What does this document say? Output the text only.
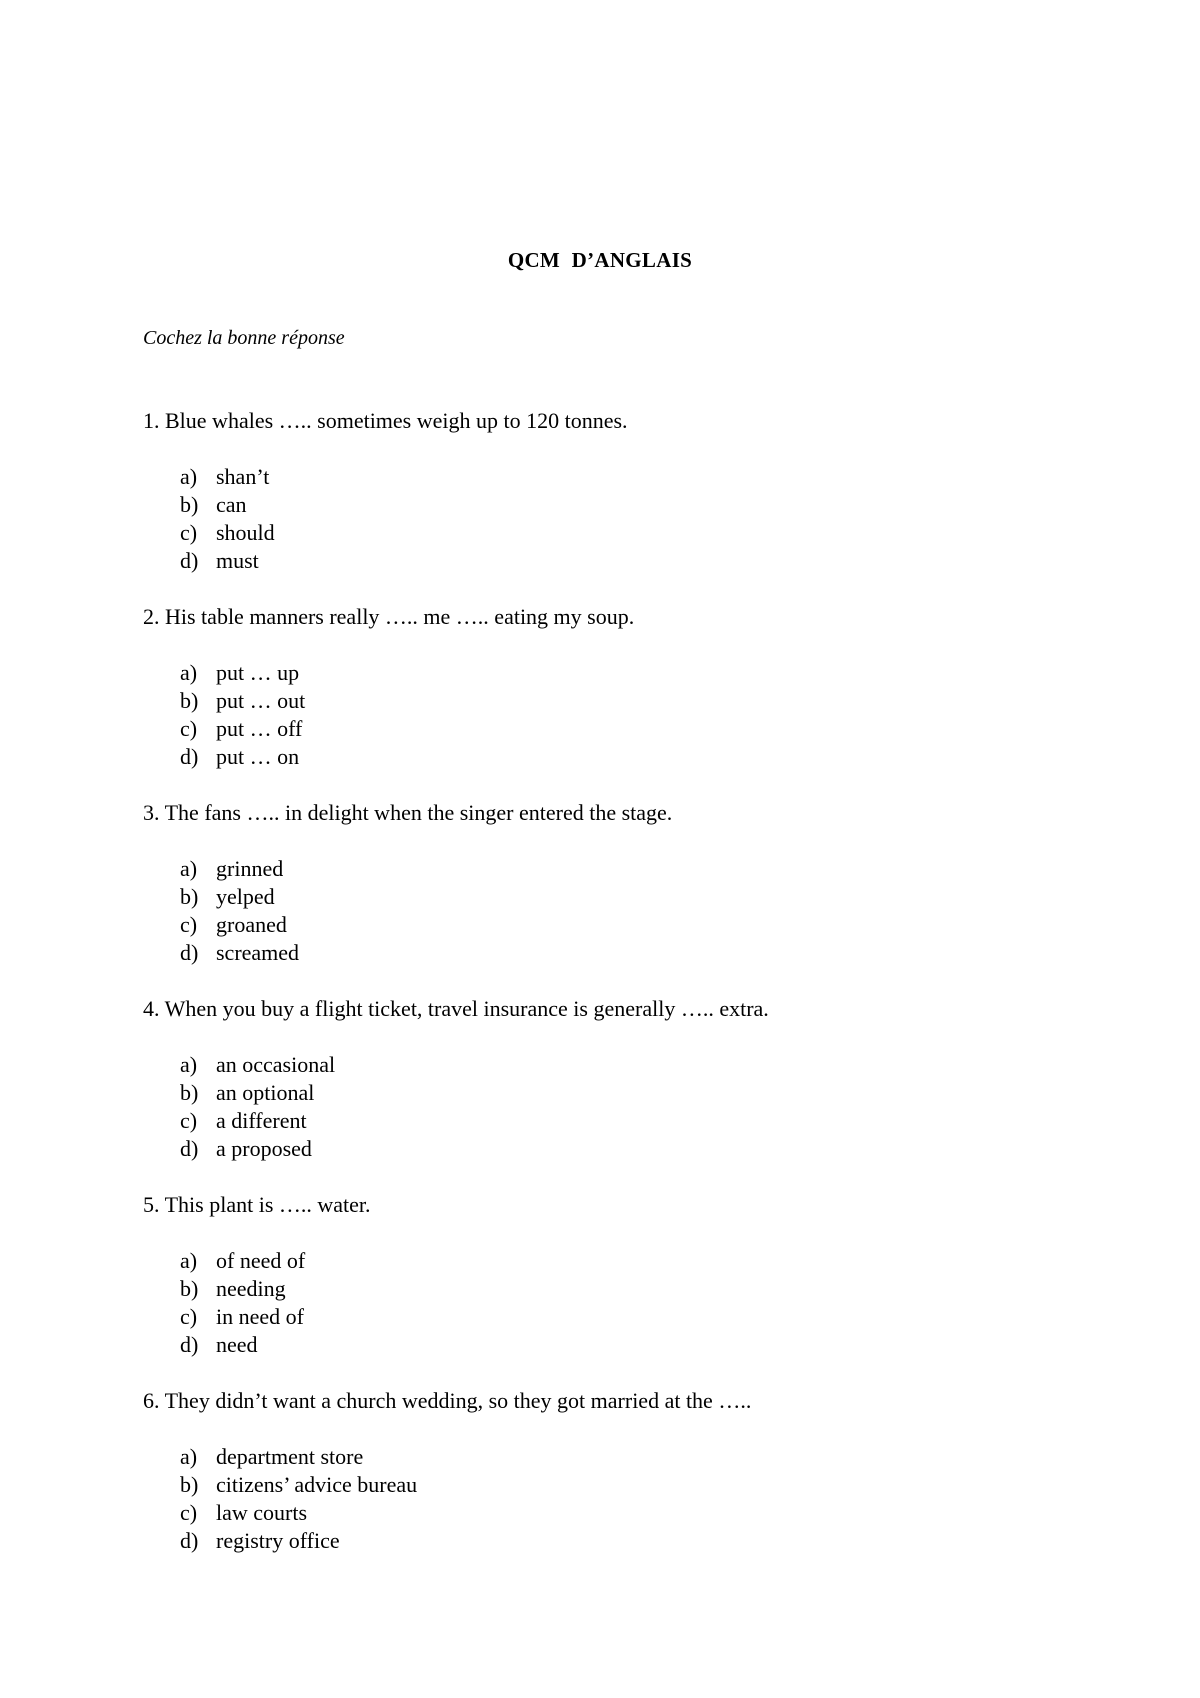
QCM D’ANGLAIS
Cochez la bonne réponse
1. Blue whales ….. sometimes weigh up to 120 tonnes.
a) shan’t
b) can
c) should
d) must
2. His table manners really ….. me ….. eating my soup.
a) put … up
b) put … out
c) put … off
d) put … on
3. The fans ….. in delight when the singer entered the stage.
a) grinned
b) yelped
c) groaned
d) screamed
4. When you buy a flight ticket, travel insurance is generally ….. extra.
a) an occasional
b) an optional
c) a different
d) a proposed
5. This plant is ….. water.
a) of need of
b) needing
c) in need of
d) need
6. They didn’t want a church wedding, so they got married at the …..
a) department store
b) citizens’ advice bureau
c) law courts
d) registry office
